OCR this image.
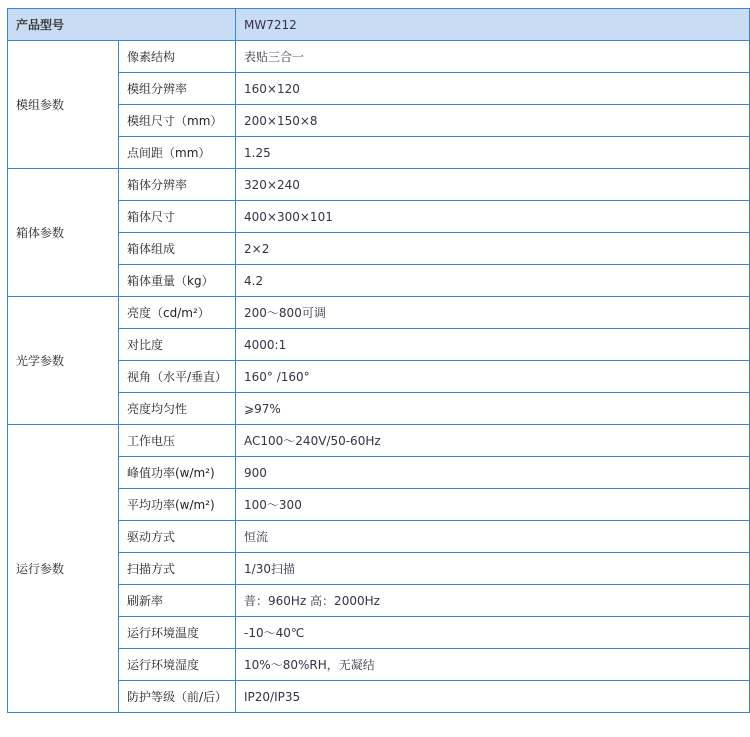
产品型号		MW7212
模组参数	像素结构	表贴三合一
	模组分辨率	160×120
	模组尺寸（mm）	200×150×8
	点间距（mm）	1.25
箱体参数	箱体分辨率	320×240
	箱体尺寸	400×300×101
	箱体组成	2×2
	箱体重量（kg）	4.2
光学参数	亮度（cd/m²）	200～800可调
	对比度	4000:1
	视角（水平/垂直）	160° /160°
	亮度均匀性	⩾97%
运行参数	工作电压	AC100～240V/50-60Hz
	峰值功率(w/m²)	900
	平均功率(w/m²)	100～300
	驱动方式	恒流
	扫描方式	1/30扫描
	刷新率	普：960Hz 高：2000Hz
	运行环境温度	-10～40℃
	运行环境湿度	10%～80%RH，无凝结
	防护等级（前/后）	IP20/IP35
